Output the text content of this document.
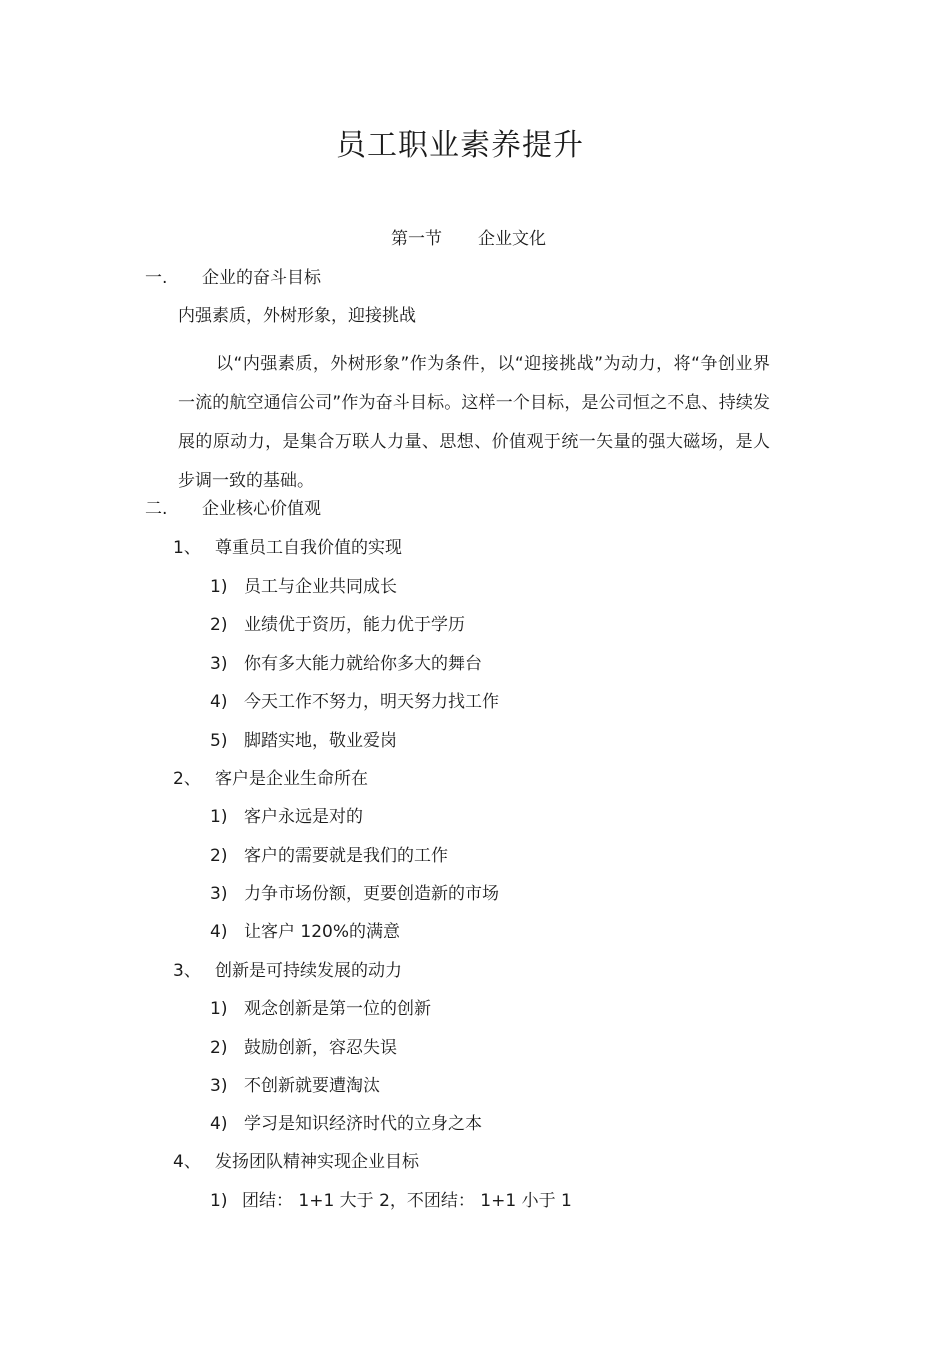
员工职业素养提升
第一节 企业文化
一. 企业的奋斗目标
内强素质，外树形象，迎接挑战
以“内强素质，外树形象”作为条件，以“迎接挑战”为动力，将“争创业界一流的航空通信公司”作为奋斗目标。这样一个目标，是公司恒之不息、持续发展的原动力，是集合万联人力量、思想、价值观于统一矢量的强大磁场，是人步调一致的基础。
二. 企业核心价值观
1、 尊重员工自我价值的实现
1) 员工与企业共同成长
2) 业绩优于资历，能力优于学历
3) 你有多大能力就给你多大的舞台
4) 今天工作不努力，明天努力找工作
5) 脚踏实地，敬业爱岗
2、 客户是企业生命所在
1) 客户永远是对的
2) 客户的需要就是我们的工作
3) 力争市场份额，更要创造新的市场
4) 让客户 120%的满意
3、 创新是可持续发展的动力
1) 观念创新是第一位的创新
2) 鼓励创新，容忍失误
3) 不创新就要遭淘汰
4) 学习是知识经济时代的立身之本
4、 发扬团队精神实现企业目标
1) 团结： 1+1 大于 2，不团结： 1+1 小于 1
